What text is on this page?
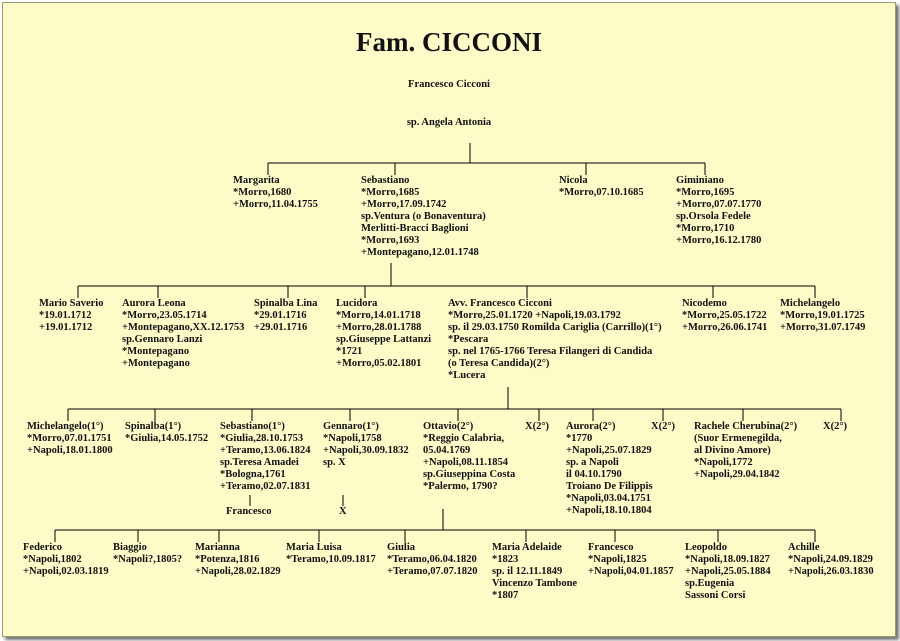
Fam. CICCONI
Francesco Cicconi
sp. Angela Antonia
Margarita
*Morro,1680
+Morro,11.04.1755
Sebastiano
*Morro,1685
+Morro,17.09.1742
sp.Ventura (o Bonaventura)
Merlitti-Bracci Baglioni
*Morro,1693
+Montepagano,12.01.1748
Nicola
*Morro,07.10.1685
Giminiano
*Morro,1695
+Morro,07.07.1770
sp.Orsola Fedele
*Morro,1710
+Morro,16.12.1780
Mario Saverio
*19.01.1712
+19.01.1712
Aurora Leona
*Morro,23.05.1714
+Montepagano,XX.12.1753
sp.Gennaro Lanzi
*Montepagano
+Montepagano
Spinalba Lina
*29.01.1716
+29.01.1716
Lucidora
*Morro,14.01.1718
+Morro,28.01.1788
sp.Giuseppe Lattanzi
*1721
+Morro,05.02.1801
Avv. Francesco Cicconi
*Morro,25.01.1720 +Napoli,19.03.1792
sp. il 29.03.1750 Romilda Cariglia (Carrillo)(1°)
*Pescara
sp. nel 1765-1766 Teresa Filangeri di Candida
(o Teresa Candida)(2°)
*Lucera
Nicodemo
*Morro,25.05.1722
+Morro,26.06.1741
Michelangelo
*Morro,19.01.1725
+Morro,31.07.1749
Michelangelo(1°)
*Morro,07.01.1751
+Napoli,18.01.1800
Spinalba(1°)
*Giulia,14.05.1752
Sebastiano(1°)
*Giulia,28.10.1753
+Teramo,13.06.1824
sp.Teresa Amadei
*Bologna,1761
+Teramo,02.07.1831
Gennaro(1°)
*Napoli,1758
+Napoli,30.09.1832
sp. X
Ottavio(2°)
*Reggio Calabria,
05.04.1769
+Napoli,08.11.1854
sp.Giuseppina Costa
*Palermo, 1790?
X(2°) Aurora(2°)
*1770
+Napoli,25.07.1829
sp. a Napoli
il 04.10.1790
Troiano De Filippis
*Napoli,03.04.1751
+Napoli,18.10.1804
X(2°) Rachele Cherubina(2°)
(Suor Ermenegilda,
al Divino Amore)
*Napoli,1772
+Napoli,29.04.1842
X(2°)
Federico
*Napoli,1802
+Napoli,02.03.1819
Biaggio
*Napoli?,1805?
Marianna
*Potenza,1816
+Napoli,28.02.1829
Maria Luisa
*Teramo,10.09.1817
Giulia
*Teramo,06.04.1820
+Teramo,07.07.1820
Maria Adelaide
*1823
sp. il 12.11.1849
Vincenzo Tambone
*1807
Francesco
*Napoli,1825
+Napoli,04.01.1857
Leopoldo
*Napoli,18.09.1827
+Napoli,25.05.1884
sp.Eugenia
Sassoni Corsi
Achille
*Napoli,24.09.1829
+Napoli,26.03.1830
Francesco	X
